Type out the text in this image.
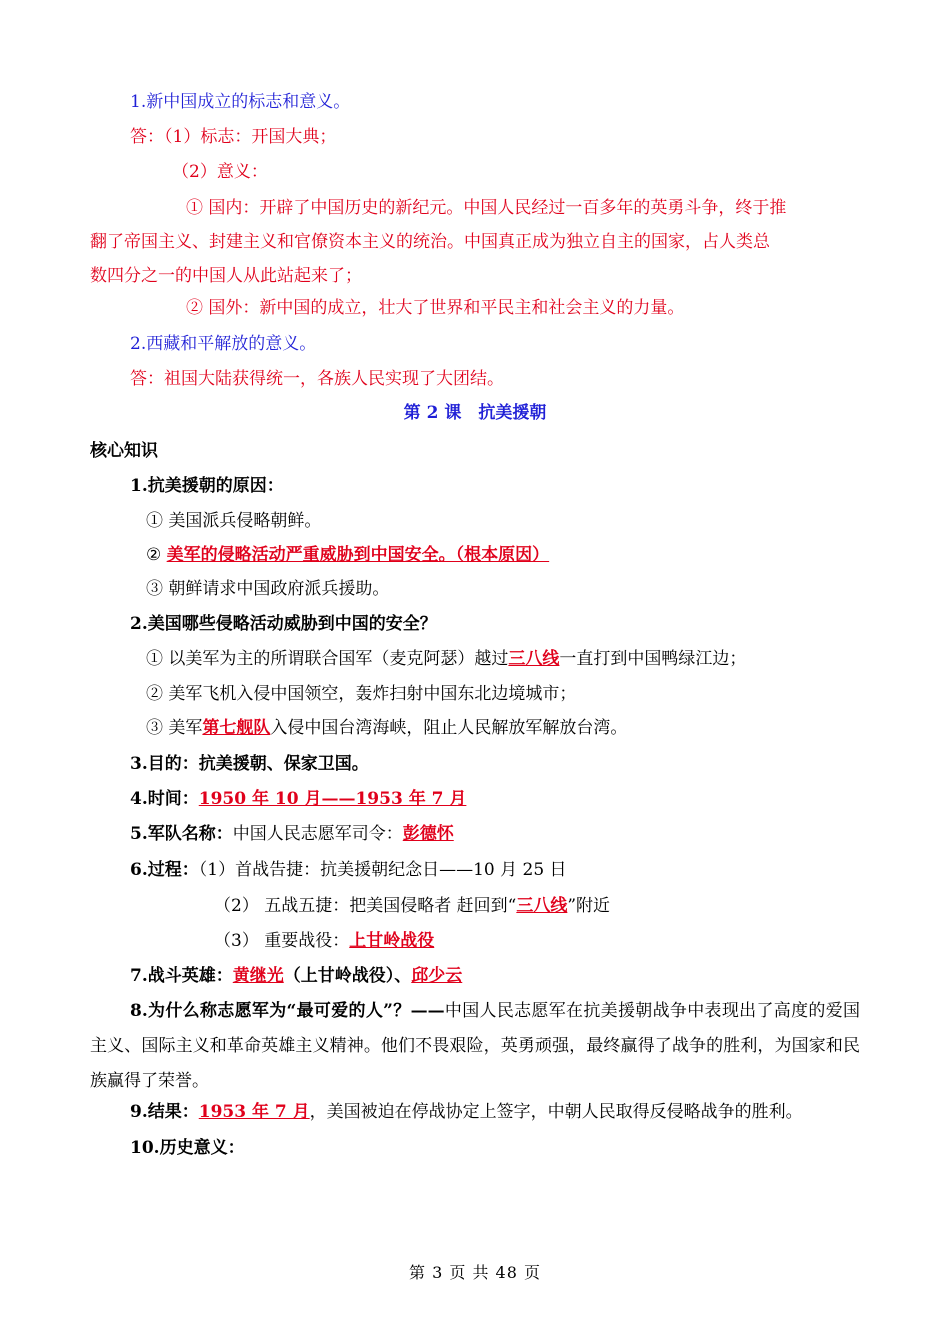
1.新中国成立的标志和意义。
答：（1）标志：开国大典；
（2）意义：
① 国内：开辟了中国历史的新纪元。中国人民经过一百多年的英勇斗争，终于推
翻了帝国主义、封建主义和官僚资本主义的统治。中国真正成为独立自主的国家，占人类总
数四分之一的中国人从此站起来了；
② 国外：新中国的成立，壮大了世界和平民主和社会主义的力量。
2.西藏和平解放的意义。
答：祖国大陆获得统一，各族人民实现了大团结。
第 2 课　抗美援朝
核心知识
1.抗美援朝的原因：
① 美国派兵侵略朝鲜。
② 美军的侵略活动严重威胁到中国安全。（根本原因）
③ 朝鲜请求中国政府派兵援助。
2.美国哪些侵略活动威胁到中国的安全？
① 以美军为主的所谓联合国军（麦克阿瑟）越过三八线一直打到中国鸭绿江边；
② 美军飞机入侵中国领空，轰炸扫射中国东北边境城市；
③ 美军第七舰队入侵中国台湾海峡，阻止人民解放军解放台湾。
3.目的：抗美援朝、保家卫国。
4.时间：1950 年 10 月——1953 年 7 月
5.军队名称：中国人民志愿军司令：彭德怀
6.过程：（1）首战告捷：抗美援朝纪念日——10 月 25 日
（2） 五战五捷：把美国侵略者 赶回到“三八线”附近
（3） 重要战役：上甘岭战役
7.战斗英雄：黄继光（上甘岭战役）、邱少云
8.为什么称志愿军为“最可爱的人”？——中国人民志愿军在抗美援朝战争中表现出了高度的爱国主义、国际主义和革命英雄主义精神。他们不畏艰险，英勇顽强，最终赢得了战争的胜利，为国家和民族赢得了荣誉。
9.结果：1953 年 7 月，美国被迫在停战协定上签字，中朝人民取得反侵略战争的胜利。
10.历史意义：
第 3 页 共 48 页
